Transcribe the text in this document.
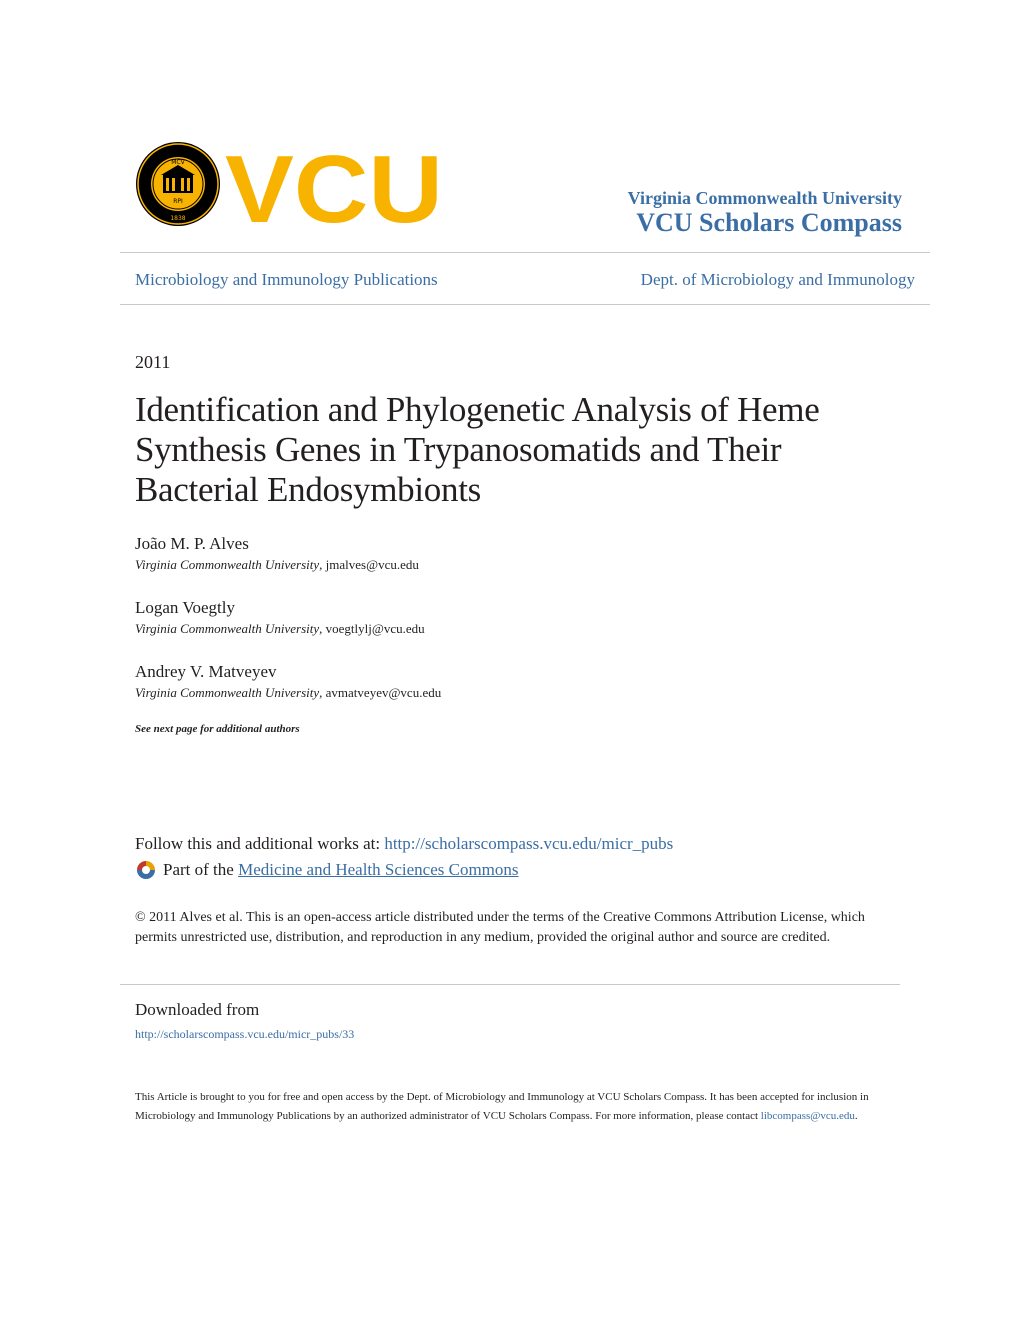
MCV
RPI
1838 VCU	Virginia Commonwealth University
VCU Scholars Compass
Microbiology and Immunology Publications	Dept. of Microbiology and Immunology
2011
Identification and Phylogenetic Analysis of Heme Synthesis Genes in Trypanosomatids and Their Bacterial Endosymbionts
João M. P. Alves
Virginia Commonwealth University, jmalves@vcu.edu
Logan Voegtly
Virginia Commonwealth University, voegtlylj@vcu.edu
Andrey V. Matveyev
Virginia Commonwealth University, avmatveyev@vcu.edu
See next page for additional authors
Follow this and additional works at: http://scholarscompass.vcu.edu/micr_pubs
Part of the
Medicine and Health Sciences Commons
© 2011 Alves et al. This is an open-access article distributed under the terms of the Creative Commons Attribution License, which permits unrestricted use, distribution, and reproduction in any medium, provided the original author and source are credited.
Downloaded from
http://scholarscompass.vcu.edu/micr_pubs/33
This Article is brought to you for free and open access by the Dept. of Microbiology and Immunology at VCU Scholars Compass. It has been accepted for inclusion in Microbiology and Immunology Publications by an authorized administrator of VCU Scholars Compass. For more information, please contact libcompass@vcu.edu.
